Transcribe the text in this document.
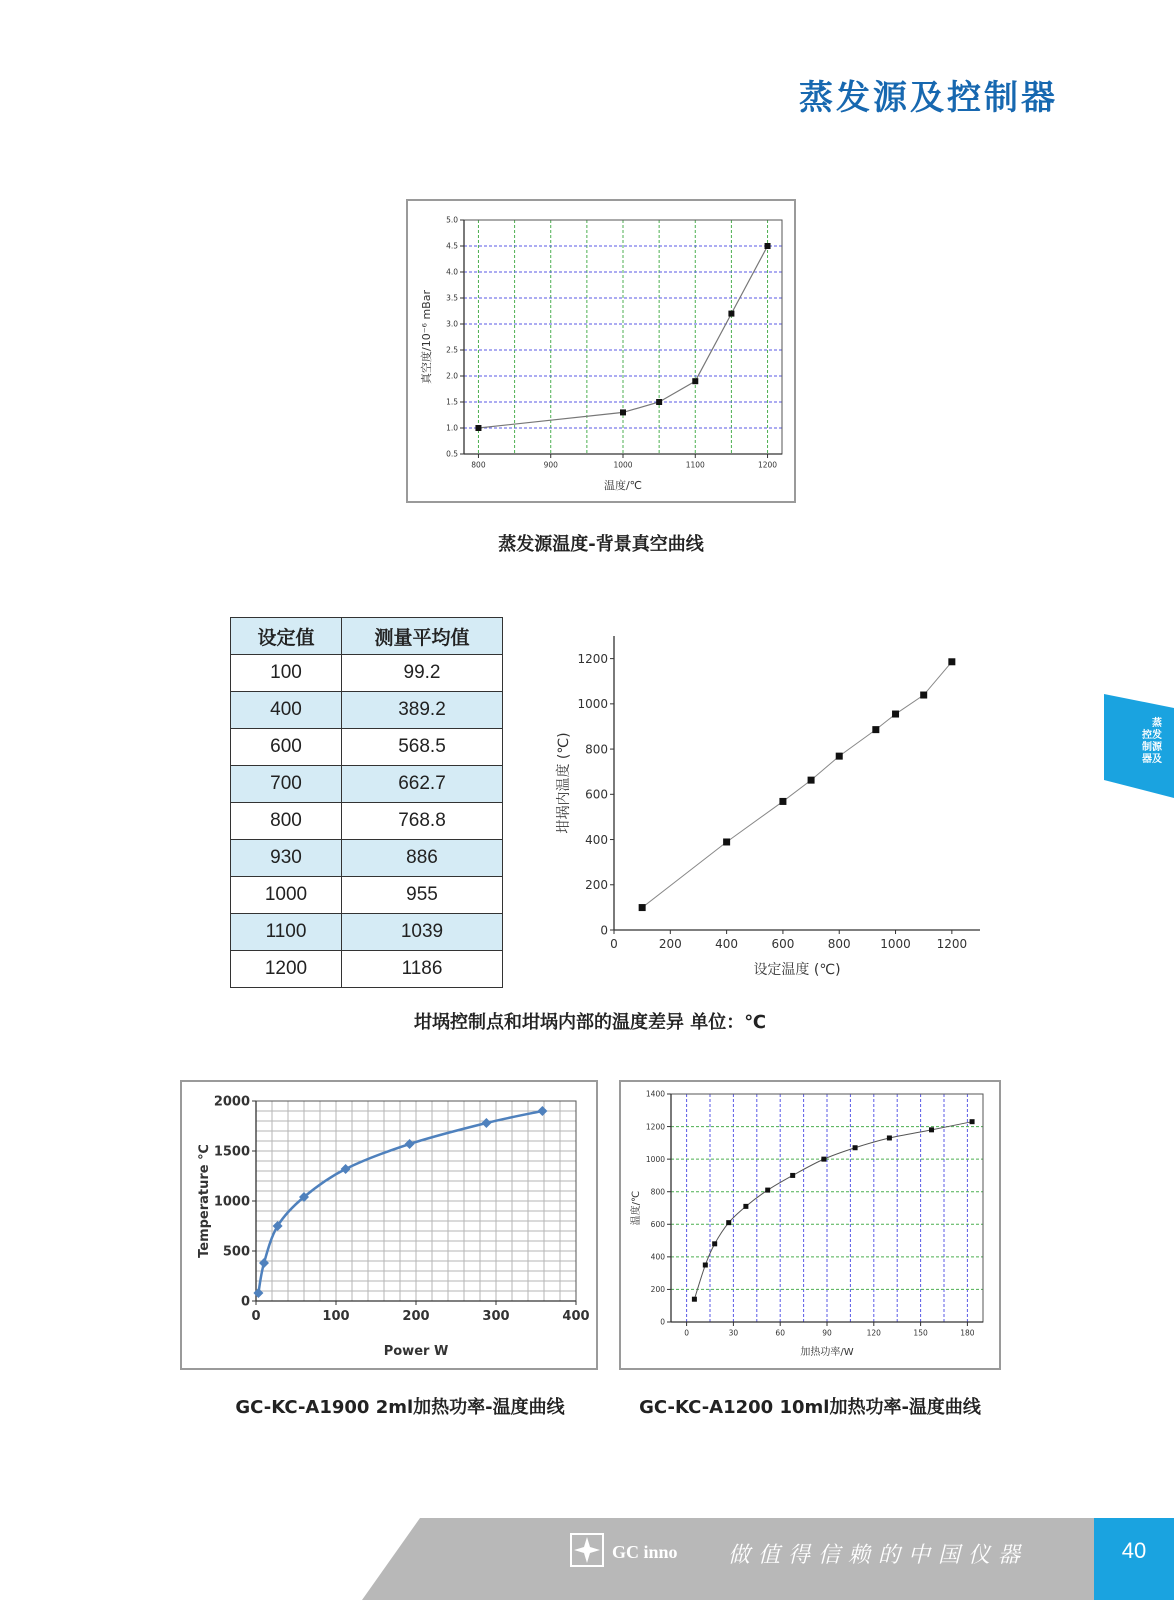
蒸发源及控制器
800	900	1000	1100	1200
0.5
1.0
1.5
2.0
2.5
3.0
3.5
4.0
4.5
5.0
温度/℃
真空度/10⁻⁶ mBar
蒸发源温度-背景真空曲线
设定值	测量平均值
100	99.2
400	389.2
600	568.5
700	662.7
800	768.8
930	886
1000	955
1100	1039
1200	1186
0	200	400	600	800 1000 1200
0
200
400
600
800
1000
1200
设定温度 (℃)
坩埚内温度 (℃)
坩埚控制点和坩埚内部的温度差异 单位：℃
0	100	200	300	400
0
500
1000
1500
2000
Power W
Temperature ℃
GC-KC-A1900 2ml加热功率-温度曲线
0	30	60	90	120	150	180
0
200
400
600
800
1000
1200
1400
加热功率/W
温度/℃
GC-KC-A1200 10ml加热功率-温度曲线
蒸
控发
制源
器及
40
GC inno 做值得信赖的中国仪器
